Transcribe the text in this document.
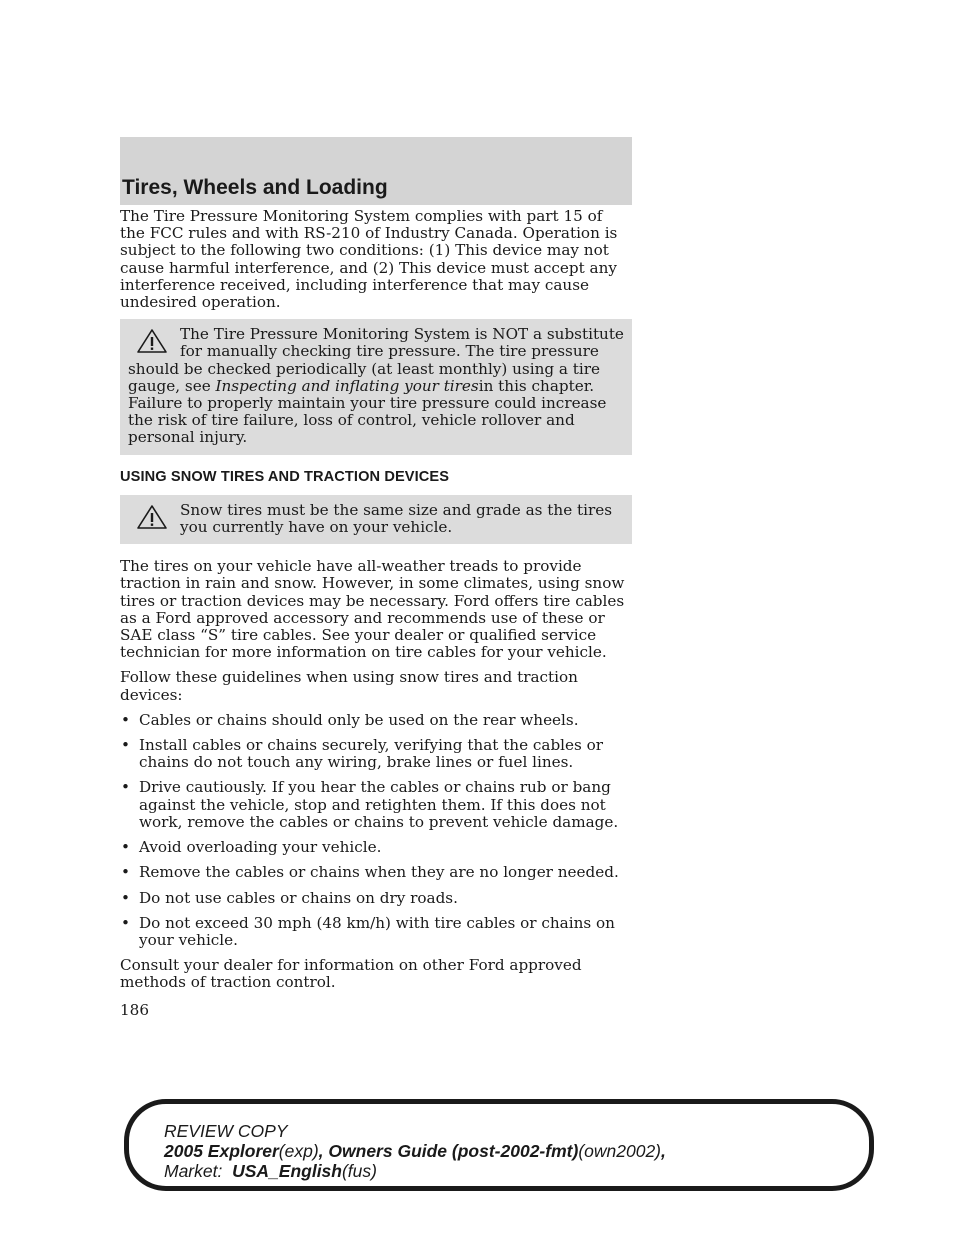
Tires, Wheels and Loading

The Tire Pressure Monitoring System complies with part 15 of the FCC rules and with RS-210 of Industry Canada. Operation is subject to the following two conditions: (1) This device may not cause harmful interference, and (2) This device must accept any interference received, including interference that may cause undesired operation.

The Tire Pressure Monitoring System is NOT a substitute for manually checking tire pressure. The tire pressure should be checked periodically (at least monthly) using a tire gauge, see Inspecting and inflating your tiresin this chapter. Failure to properly maintain your tire pressure could increase the risk of tire failure, loss of control, vehicle rollover and personal injury.

USING SNOW TIRES AND TRACTION DEVICES

Snow tires must be the same size and grade as the tires you currently have on your vehicle.

The tires on your vehicle have all-weather treads to provide traction in rain and snow. However, in some climates, using snow tires or traction devices may be necessary. Ford offers tire cables as a Ford approved accessory and recommends use of these or SAE class “S” tire cables. See your dealer or qualified service technician for more information on tire cables for your vehicle.

Follow these guidelines when using snow tires and traction devices:

• Cables or chains should only be used on the rear wheels.
• Install cables or chains securely, verifying that the cables or chains do not touch any wiring, brake lines or fuel lines.
• Drive cautiously. If you hear the cables or chains rub or bang against the vehicle, stop and retighten them. If this does not work, remove the cables or chains to prevent vehicle damage.
• Avoid overloading your vehicle.
• Remove the cables or chains when they are no longer needed.
• Do not use cables or chains on dry roads.
• Do not exceed 30 mph (48 km/h) with tire cables or chains on your vehicle.

Consult your dealer for information on other Ford approved methods of traction control.

186
REVIEW COPY
2005 Explorer(exp), Owners Guide (post-2002-fmt)(own2002),
Market: USA_English(fus)
